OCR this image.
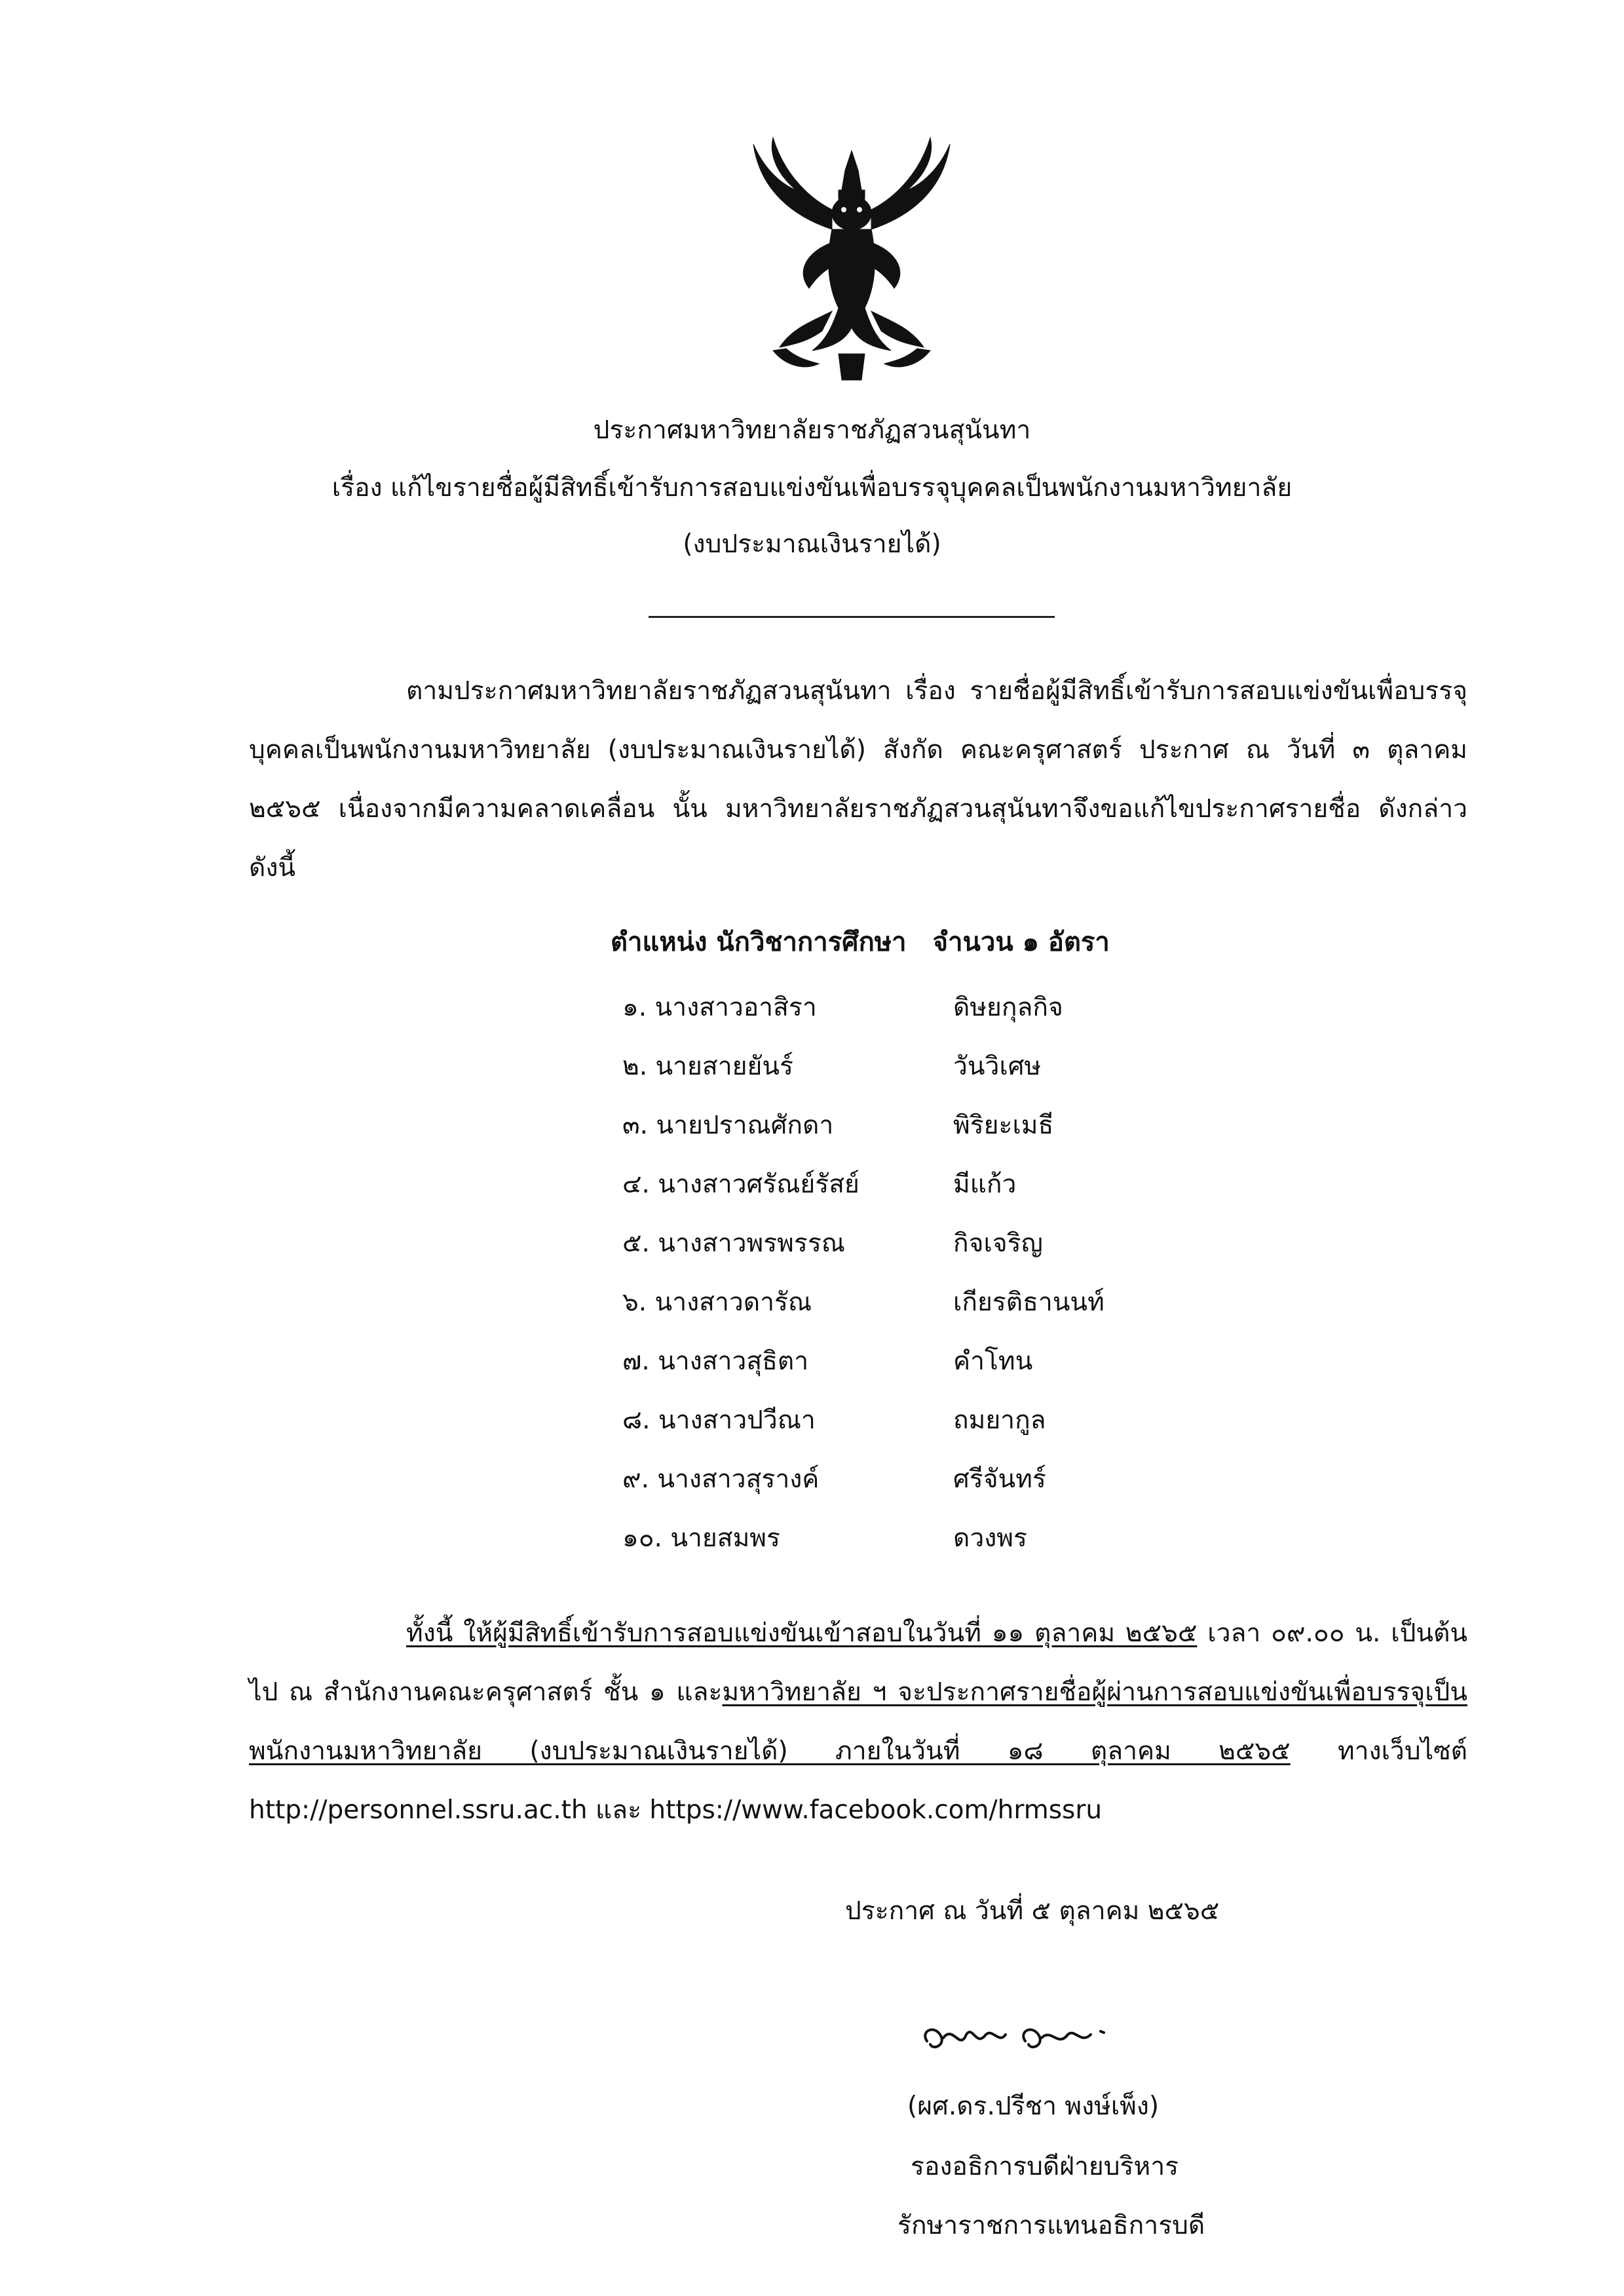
ประกาศมหาวิทยาลัยราชภัฏสวนสุนันทา
เรื่อง แก้ไขรายชื่อผู้มีสิทธิ์เข้ารับการสอบแข่งขันเพื่อบรรจุบุคคลเป็นพนักงานมหาวิทยาลัย
(งบประมาณเงินรายได้)
ตามประกาศมหาวิทยาลัยราชภัฏสวนสุนันทา เรื่อง รายชื่อผู้มีสิทธิ์เข้ารับการสอบแข่งขันเพื่อบรรจุบุคคลเป็นพนักงานมหาวิทยาลัย (งบประมาณเงินรายได้) สังกัด คณะครุศาสตร์ ประกาศ ณ วันที่ ๓ ตุลาคม ๒๕๖๕ เนื่องจากมีความคลาดเคลื่อน นั้น มหาวิทยาลัยราชภัฏสวนสุนันทาจึงขอแก้ไขประกาศรายชื่อ ดังกล่าว ดังนี้
ตำแหน่ง นักวิชาการศึกษา จำนวน ๑ อัตรา
๑. นางสาวอาสิรา	ดิษยกุลกิจ
๒. นายสายยันร์	วันวิเศษ
๓. นายปราณศักดา	พิริยะเมธี
๔. นางสาวศรัณย์รัสย์	มีแก้ว
๕. นางสาวพรพรรณ	กิจเจริญ
๖. นางสาวดารัณ	เกียรติธานนท์
๗. นางสาวสุธิตา	คำโทน
๘. นางสาวปวีณา	ถมยากูล
๙. นางสาวสุรางค์	ศรีจันทร์
๑๐. นายสมพร	ดวงพร
ทั้งนี้ ให้ผู้มีสิทธิ์เข้ารับการสอบแข่งขันเข้าสอบในวันที่ ๑๑ ตุลาคม ๒๕๖๕ เวลา ๐๙.๐๐ น. เป็นต้นไป ณ สำนักงานคณะครุศาสตร์ ชั้น ๑ และมหาวิทยาลัย ฯ จะประกาศรายชื่อผู้ผ่านการสอบแข่งขันเพื่อบรรจุเป็นพนักงานมหาวิทยาลัย (งบประมาณเงินรายได้) ภายในวันที่ ๑๘ ตุลาคม ๒๕๖๕ ทางเว็บไซต์ http://personnel.ssru.ac.th และ https://www.facebook.com/hrmssru
ประกาศ ณ วันที่ ๕ ตุลาคม ๒๕๖๕
(ผศ.ดร.ปรีชา พงษ์เพ็ง)
รองอธิการบดีฝ่ายบริหาร
รักษาราชการแทนอธิการบดี
